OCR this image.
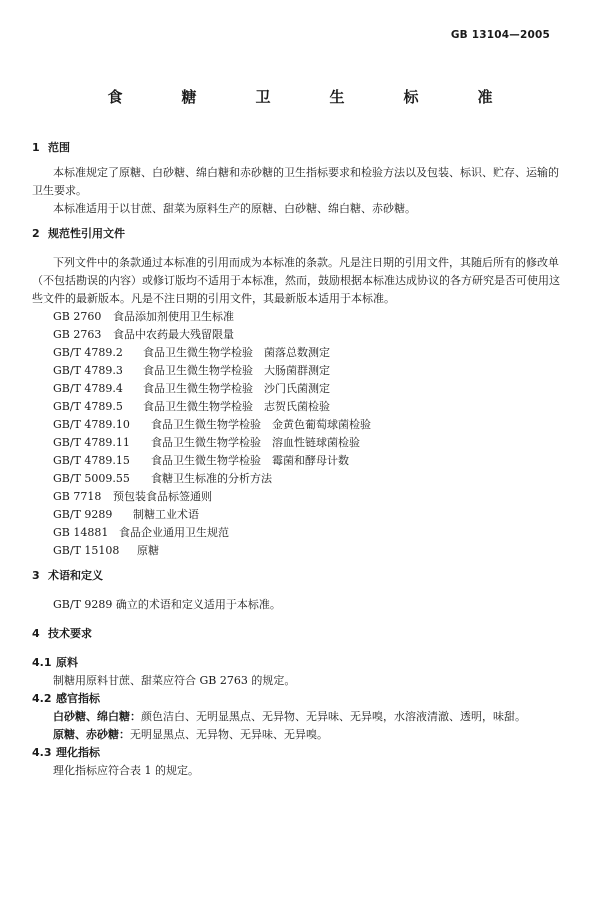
GB 13104—2005
食　糖　卫　生　标　准
1 范围
本标准规定了原糖、白砂糖、绵白糖和赤砂糖的卫生指标要求和检验方法以及包装、标识、贮存、运输的卫生要求。
本标准适用于以甘蔗、甜菜为原料生产的原糖、白砂糖、绵白糖、赤砂糖。
2 规范性引用文件
下列文件中的条款通过本标准的引用而成为本标准的条款。凡是注日期的引用文件，其随后所有的修改单（不包括勘误的内容）或修订版均不适用于本标准，然而，鼓励根据本标准达成协议的各方研究是否可使用这些文件的最新版本。凡是不注日期的引用文件，其最新版本适用于本标准。
GB 2760 食品添加剂使用卫生标准
GB 2763 食品中农药最大残留限量
GB/T 4789.2 食品卫生微生物学检验　菌落总数测定
GB/T 4789.3 食品卫生微生物学检验　大肠菌群测定
GB/T 4789.4 食品卫生微生物学检验　沙门氏菌测定
GB/T 4789.5 食品卫生微生物学检验　志贺氏菌检验
GB/T 4789.10 食品卫生微生物学检验　金黄色葡萄球菌检验
GB/T 4789.11 食品卫生微生物学检验　溶血性链球菌检验
GB/T 4789.15 食品卫生微生物学检验　霉菌和酵母计数
GB/T 5009.55 食糖卫生标准的分析方法
GB 7718 预包装食品标签通则
GB/T 9289 制糖工业术语
GB 14881 食品企业通用卫生规范
GB/T 15108 原糖
3 术语和定义
GB/T 9289 确立的术语和定义适用于本标准。
4 技术要求
4.1 原料
制糖用原料甘蔗、甜菜应符合 GB 2763 的规定。
4.2 感官指标
白砂糖、绵白糖：颜色洁白、无明显黑点、无异物、无异味、无异嗅，水溶液清澈、透明，味甜。
原糖、赤砂糖：无明显黑点、无异物、无异味、无异嗅。
4.3 理化指标
理化指标应符合表 1 的规定。
